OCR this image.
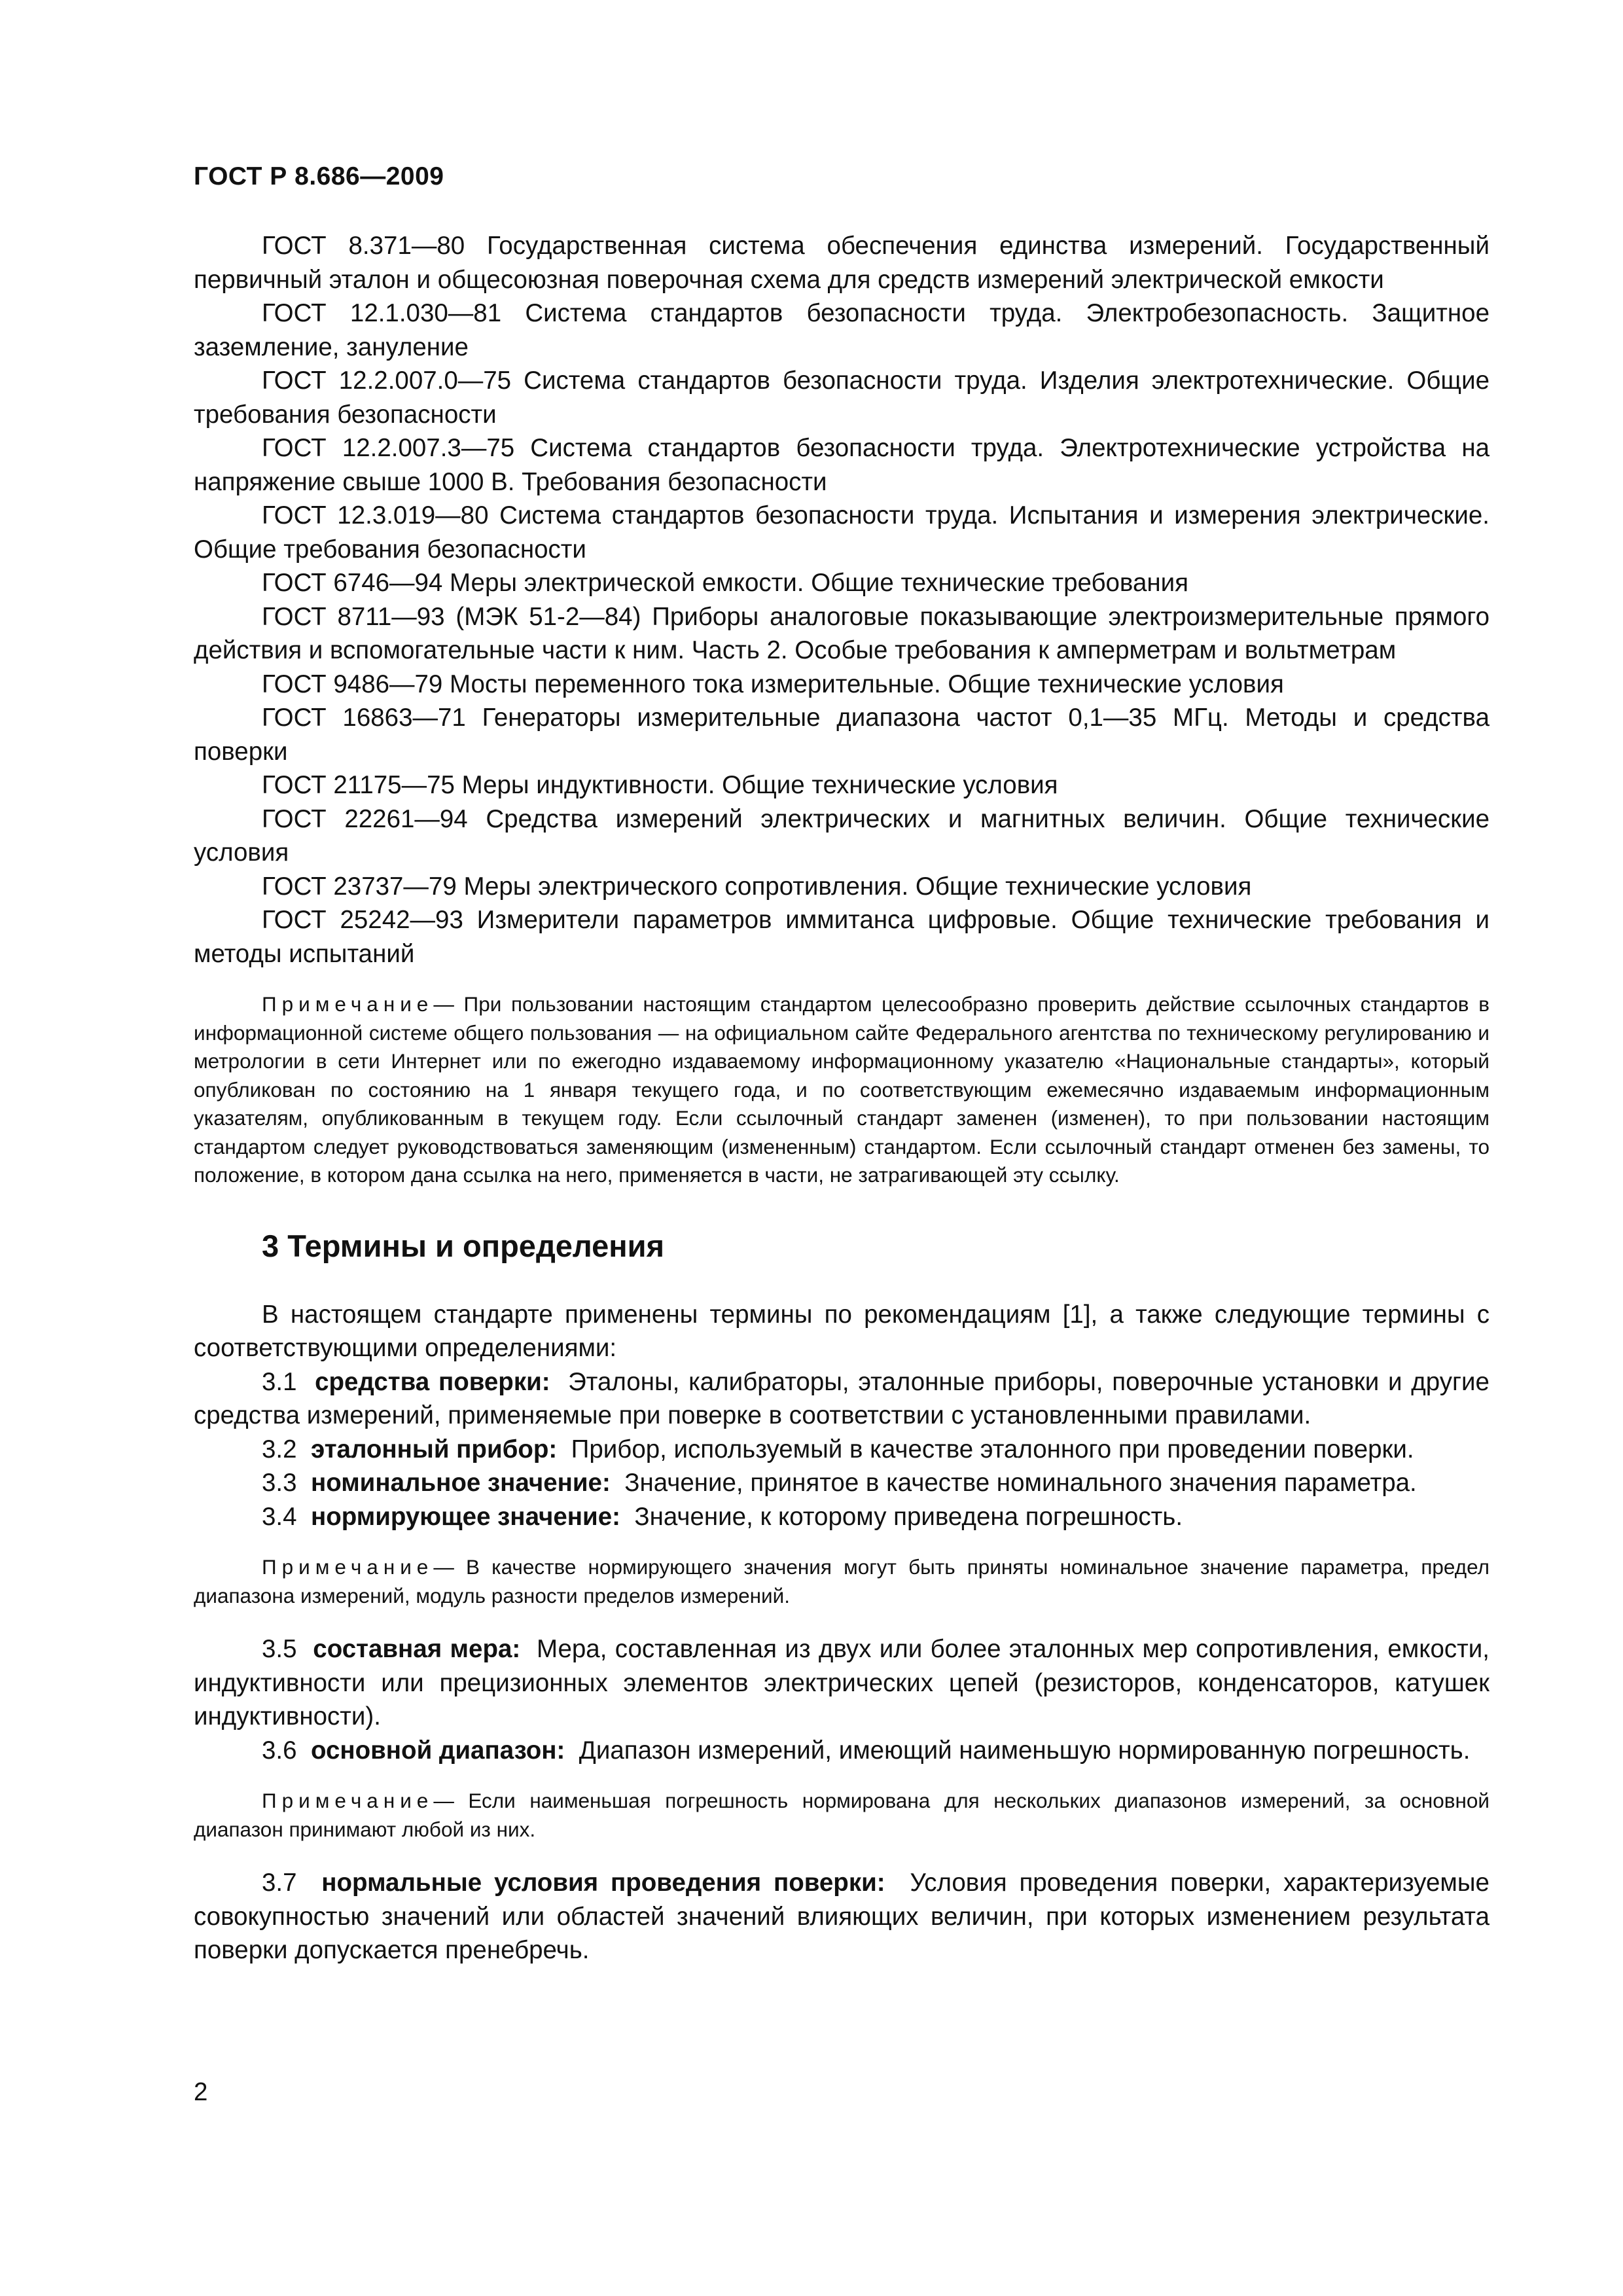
ГОСТ Р 8.686—2009

ГОСТ 8.371—80 Государственная система обеспечения единства измерений. Государственный первичный эталон и общесоюзная поверочная схема для средств измерений электрической емкости

ГОСТ 12.1.030—81 Система стандартов безопасности труда. Электробезопасность. Защитное заземление, зануление

ГОСТ 12.2.007.0—75 Система стандартов безопасности труда. Изделия электротехнические. Общие требования безопасности

ГОСТ 12.2.007.3—75 Система стандартов безопасности труда. Электротехнические устройства на напряжение свыше 1000 В. Требования безопасности

ГОСТ 12.3.019—80 Система стандартов безопасности труда. Испытания и измерения электрические. Общие требования безопасности

ГОСТ 6746—94 Меры электрической емкости. Общие технические требования

ГОСТ 8711—93 (МЭК 51-2—84) Приборы аналоговые показывающие электроизмерительные прямого действия и вспомогательные части к ним. Часть 2. Особые требования к амперметрам и вольтметрам

ГОСТ 9486—79 Мосты переменного тока измерительные. Общие технические условия

ГОСТ 16863—71 Генераторы измерительные диапазона частот 0,1—35 МГц. Методы и средства поверки

ГОСТ 21175—75 Меры индуктивности. Общие технические условия

ГОСТ 22261—94 Средства измерений электрических и магнитных величин. Общие технические условия

ГОСТ 23737—79 Меры электрического сопротивления. Общие технические условия

ГОСТ 25242—93 Измерители параметров иммитанса цифровые. Общие технические требования и методы испытаний

Примечание— При пользовании настоящим стандартом целесообразно проверить действие ссылочных стандартов в информационной системе общего пользования — на официальном сайте Федерального агентства по техническому регулированию и метрологии в сети Интернет или по ежегодно издаваемому информационному указателю «Национальные стандарты», который опубликован по состоянию на 1 января текущего года, и по соответствующим ежемесячно издаваемым информационным указателям, опубликованным в текущем году. Если ссылочный стандарт заменен (изменен), то при пользовании настоящим стандартом следует руководствоваться заменяющим (измененным) стандартом. Если ссылочный стандарт отменен без замены, то положение, в котором дана ссылка на него, применяется в части, не затрагивающей эту ссылку.

3 Термины и определения

В настоящем стандарте применены термины по рекомендациям [1], а также следующие термины с соответствующими определениями:

3.1 средства поверки: Эталоны, калибраторы, эталонные приборы, поверочные установки и другие средства измерений, применяемые при поверке в соответствии с установленными правилами.

3.2 эталонный прибор: Прибор, используемый в качестве эталонного при проведении поверки.

3.3 номинальное значение: Значение, принятое в качестве номинального значения параметра.

3.4 нормирующее значение: Значение, к которому приведена погрешность.

Примечание— В качестве нормирующего значения могут быть приняты номинальное значение параметра, предел диапазона измерений, модуль разности пределов измерений.

3.5 составная мера: Мера, составленная из двух или более эталонных мер сопротивления, емкости, индуктивности или прецизионных элементов электрических цепей (резисторов, конденсаторов, катушек индуктивности).

3.6 основной диапазон: Диапазон измерений, имеющий наименьшую нормированную погрешность.

Примечание— Если наименьшая погрешность нормирована для нескольких диапазонов измерений, за основной диапазон принимают любой из них.

3.7 нормальные условия проведения поверки: Условия проведения поверки, характеризуемые совокупностью значений или областей значений влияющих величин, при которых изменением результата поверки допускается пренебречь.

2
